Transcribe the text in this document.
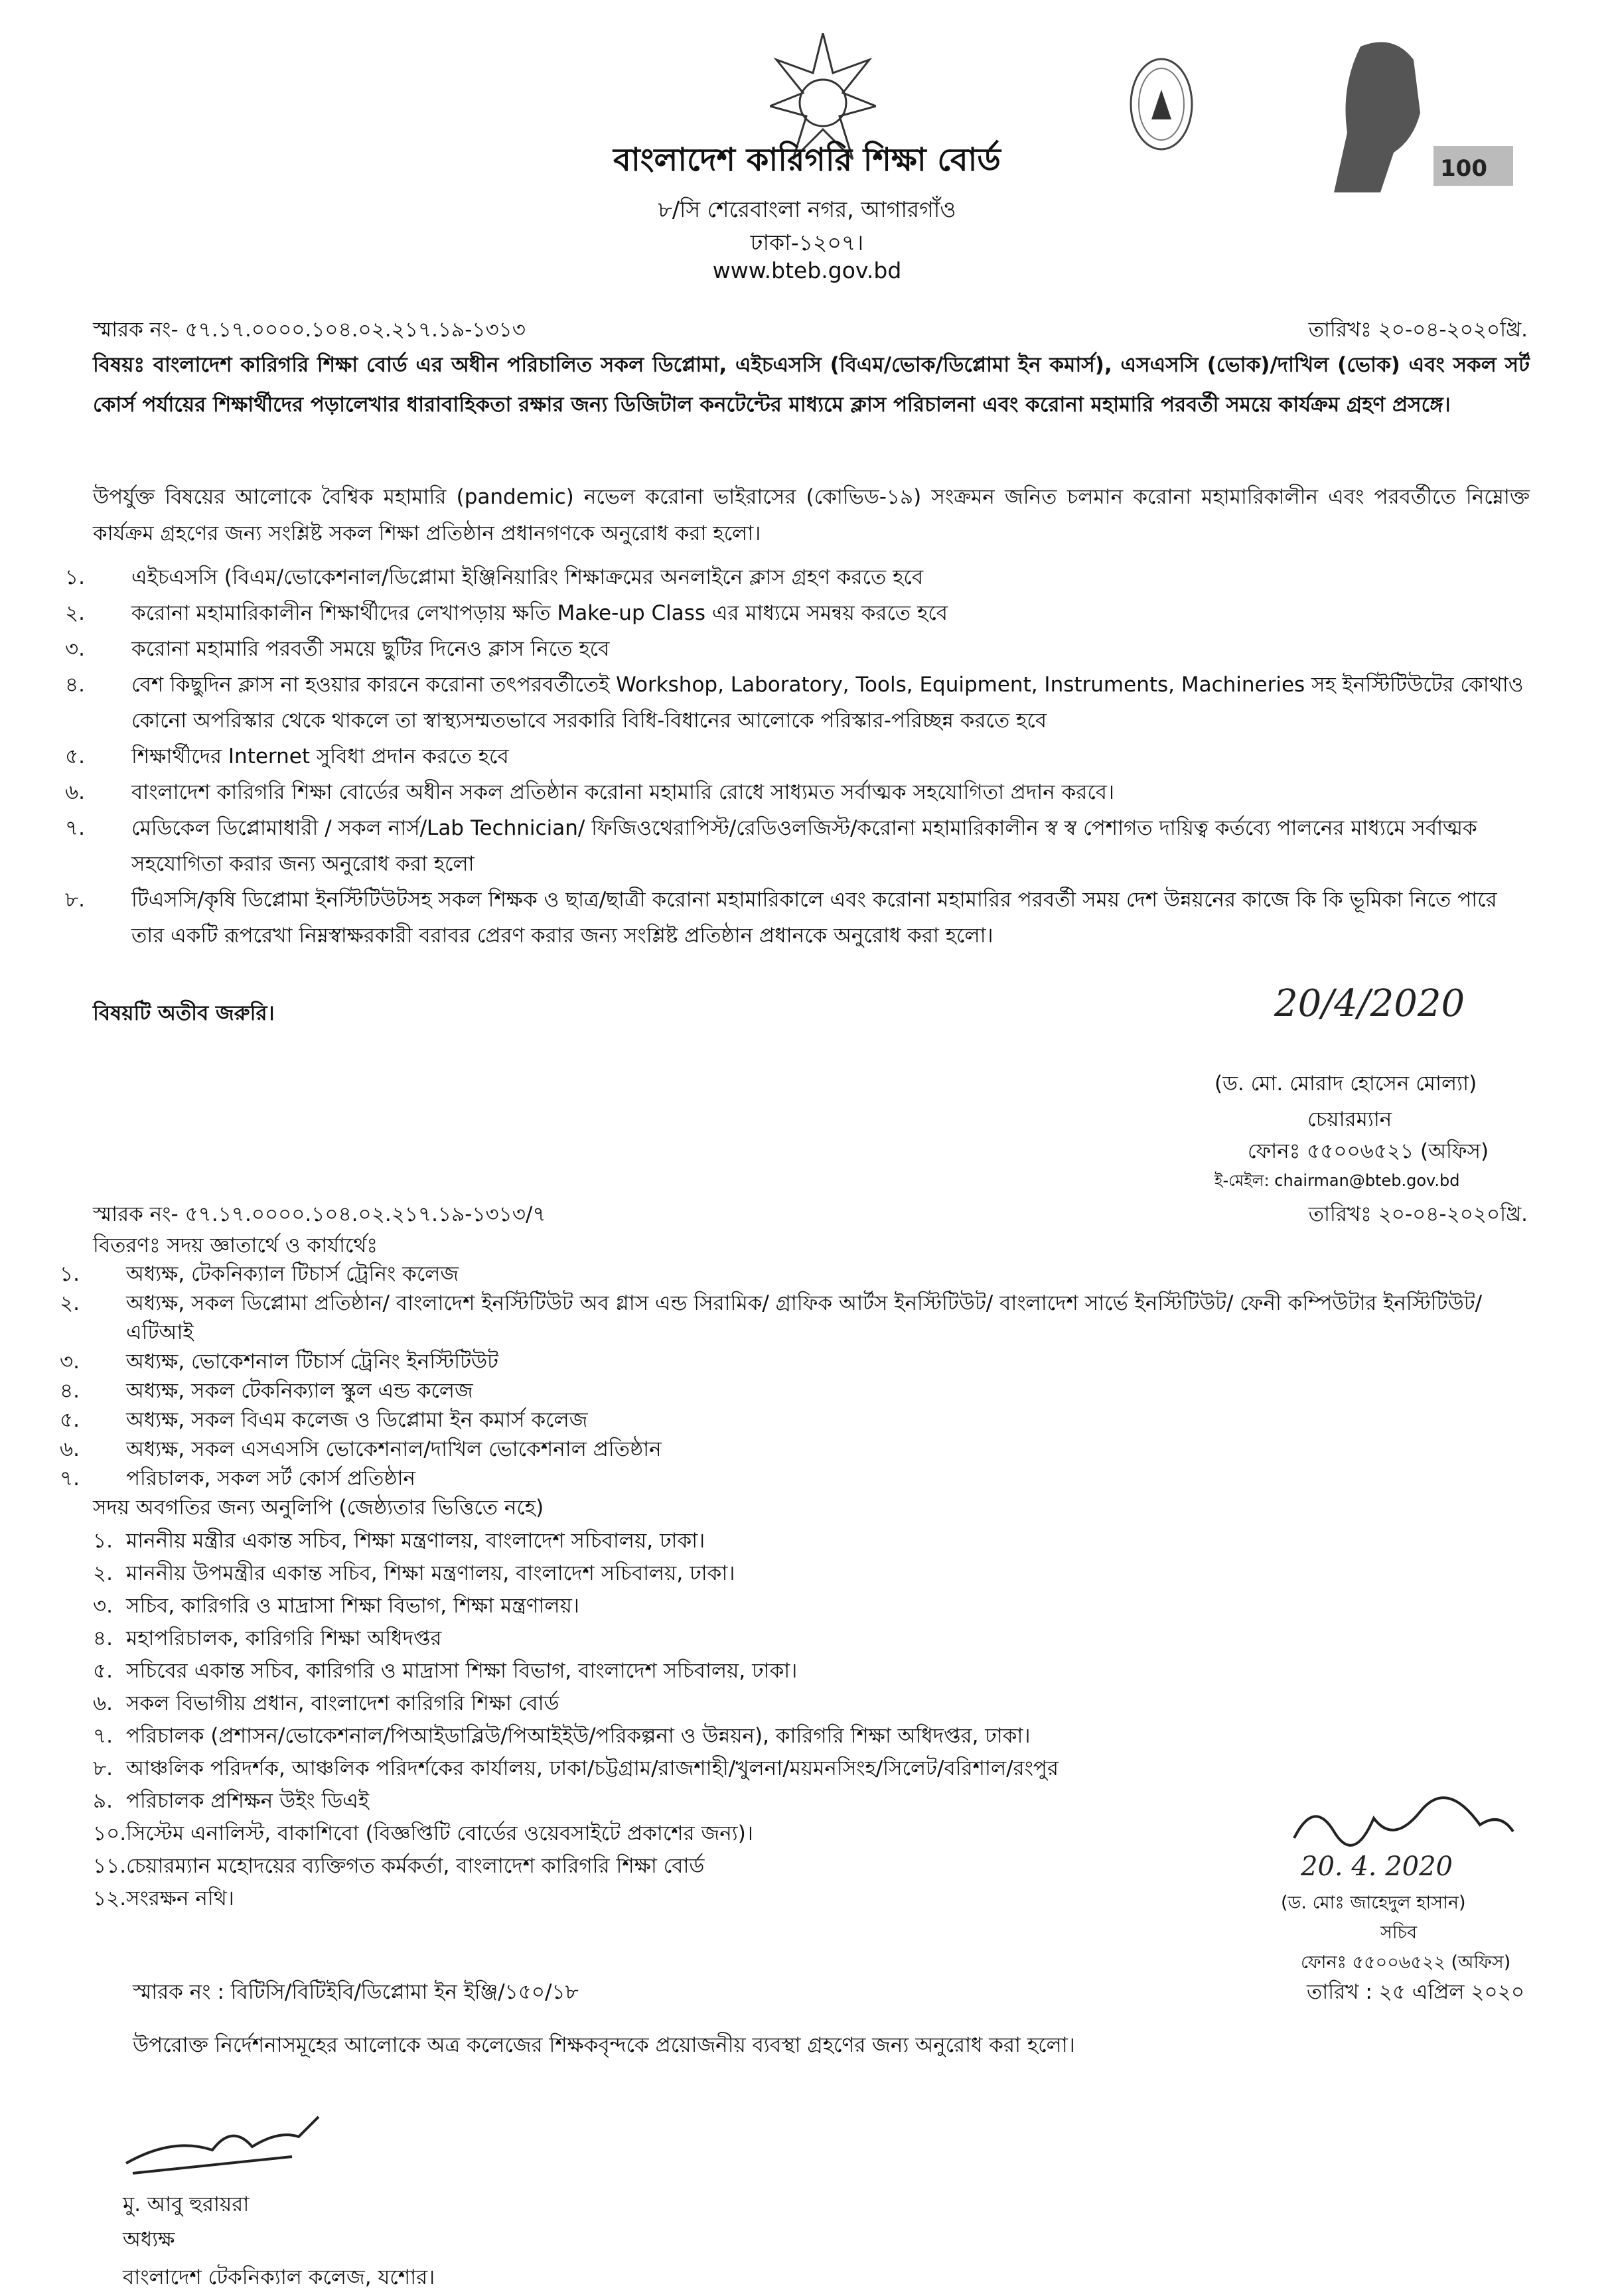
100
বাংলাদেশ কারিগরি শিক্ষা বোর্ড
৮/সি শেরেবাংলা নগর, আগারগাঁও
ঢাকা-১২০৭।
www.bteb.gov.bd
স্মারক নং- ৫৭.১৭.০০০০.১০৪.০২.২১৭.১৯-১৩১৩	তারিখঃ ২০-০৪-২০২০খ্রি.
বিষয়ঃ বাংলাদেশ কারিগরি শিক্ষা বোর্ড এর অধীন পরিচালিত সকল ডিপ্লোমা, এইচএসসি (বিএম/ভোক/ডিপ্লোমা ইন কমার্স), এসএসসি (ভোক)/দাখিল (ভোক) এবং সকল সর্ট কোর্স পর্যায়ের শিক্ষার্থীদের পড়ালেখার ধারাবাহিকতা রক্ষার জন্য ডিজিটাল কনটেন্টের মাধ্যমে ক্লাস পরিচালনা এবং করোনা মহামারি পরবর্তী সময়ে কার্যক্রম গ্রহণ প্রসঙ্গে।
উপর্যুক্ত বিষয়ের আলোকে বৈশ্বিক মহামারি (pandemic) নভেল করোনা ভাইরাসের (কোভিড-১৯) সংক্রমন জনিত চলমান করোনা মহামারিকালীন এবং পরবর্তীতে নিম্নোক্ত কার্যক্রম গ্রহণের জন্য সংশ্লিষ্ট সকল শিক্ষা প্রতিষ্ঠান প্রধানগণকে অনুরোধ করা হলো।
১. এইচএসসি (বিএম/ভোকেশনাল/ডিপ্লোমা ইঞ্জিনিয়ারিং শিক্ষাক্রমের অনলাইনে ক্লাস গ্রহণ করতে হবে
২. করোনা মহামারিকালীন শিক্ষার্থীদের লেখাপড়ায় ক্ষতি Make-up Class এর মাধ্যমে সমন্বয় করতে হবে
৩. করোনা মহামারি পরবর্তী সময়ে ছুটির দিনেও ক্লাস নিতে হবে
৪. বেশ কিছুদিন ক্লাস না হওয়ার কারনে করোনা তৎপরবর্তীতেই Workshop, Laboratory, Tools, Equipment, Instruments, Machineries সহ ইনস্টিটিউটের কোথাও কোনো অপরিস্কার থেকে থাকলে তা স্বাস্থ্যসম্মতভাবে সরকারি বিধি-বিধানের আলোকে পরিস্কার-পরিচ্ছন্ন করতে হবে
৫. শিক্ষার্থীদের Internet সুবিধা প্রদান করতে হবে
৬. বাংলাদেশ কারিগরি শিক্ষা বোর্ডের অধীন সকল প্রতিষ্ঠান করোনা মহামারি রোধে সাধ্যমত সর্বাত্মক সহযোগিতা প্রদান করবে।
৭. মেডিকেল ডিপ্লোমাধারী / সকল নার্স/Lab Technician/ ফিজিওথেরাপিস্ট/রেডিওলজিস্ট/করোনা মহামারিকালীন স্ব স্ব পেশাগত দায়িত্ব কর্তব্যে পালনের মাধ্যমে সর্বাত্মক সহযোগিতা করার জন্য অনুরোধ করা হলো
৮. টিএসসি/কৃষি ডিপ্লোমা ইনস্টিটিউটসহ সকল শিক্ষক ও ছাত্র/ছাত্রী করোনা মহামারিকালে এবং করোনা মহামারির পরবর্তী সময় দেশ উন্নয়নের কাজে কি কি ভূমিকা নিতে পারে তার একটি রূপরেখা নিম্নস্বাক্ষরকারী বরাবর প্রেরণ করার জন্য সংশ্লিষ্ট প্রতিষ্ঠান প্রধানকে অনুরোধ করা হলো।
বিষয়টি অতীব জরুরি।	20/4/2020
(ড. মো. মোরাদ হোসেন মোল্যা)
চেয়ারম্যান
ফোনঃ ৫৫০০৬৫২১ (অফিস)
ই-মেইল: chairman@bteb.gov.bd
স্মারক নং- ৫৭.১৭.০০০০.১০৪.০২.২১৭.১৯-১৩১৩/৭	তারিখঃ ২০-০৪-২০২০খ্রি.
বিতরণঃ সদয় জ্ঞাতার্থে ও কার্যার্থেঃ
১. অধ্যক্ষ, টেকনিক্যাল টিচার্স ট্রেনিং কলেজ
২. অধ্যক্ষ, সকল ডিপ্লোমা প্রতিষ্ঠান/ বাংলাদেশ ইনস্টিটিউট অব গ্লাস এন্ড সিরামিক/ গ্রাফিক আর্টস ইনস্টিটিউট/ বাংলাদেশ সার্ভে ইনস্টিটিউট/ ফেনী কম্পিউটার ইনস্টিটিউট/ এটিআই
৩. অধ্যক্ষ, ভোকেশনাল টিচার্স ট্রেনিং ইনস্টিটিউট
৪. অধ্যক্ষ, সকল টেকনিক্যাল স্কুল এন্ড কলেজ
৫. অধ্যক্ষ, সকল বিএম কলেজ ও ডিপ্লোমা ইন কমার্স কলেজ
৬. অধ্যক্ষ, সকল এসএসসি ভোকেশনাল/দাখিল ভোকেশনাল প্রতিষ্ঠান
৭. পরিচালক, সকল সর্ট কোর্স প্রতিষ্ঠান
সদয় অবগতির জন্য অনুলিপি (জেষ্ঠ্যতার ভিত্তিতে নহে)
১. মাননীয় মন্ত্রীর একান্ত সচিব, শিক্ষা মন্ত্রণালয়, বাংলাদেশ সচিবালয়, ঢাকা।
২. মাননীয় উপমন্ত্রীর একান্ত সচিব, শিক্ষা মন্ত্রণালয়, বাংলাদেশ সচিবালয়, ঢাকা।
৩. সচিব, কারিগরি ও মাদ্রাসা শিক্ষা বিভাগ, শিক্ষা মন্ত্রণালয়।
৪. মহাপরিচালক, কারিগরি শিক্ষা অধিদপ্তর
৫. সচিবের একান্ত সচিব, কারিগরি ও মাদ্রাসা শিক্ষা বিভাগ, বাংলাদেশ সচিবালয়, ঢাকা।
৬. সকল বিভাগীয় প্রধান, বাংলাদেশ কারিগরি শিক্ষা বোর্ড
৭. পরিচালক (প্রশাসন/ভোকেশনাল/পিআইডাব্লিউ/পিআইইউ/পরিকল্পনা ও উন্নয়ন), কারিগরি শিক্ষা অধিদপ্তর, ঢাকা।
৮. আঞ্চলিক পরিদর্শক, আঞ্চলিক পরিদর্শকের কার্যালয়, ঢাকা/চট্টগ্রাম/রাজশাহী/খুলনা/ময়মনসিংহ/সিলেট/বরিশাল/রংপুর
৯. পরিচালক প্রশিক্ষন উইং ডিএই
১০.সিস্টেম এনালিস্ট, বাকাশিবো (বিজ্ঞপ্তিটি বোর্ডের ওয়েবসাইটে প্রকাশের জন্য)।
১১.চেয়ারম্যান মহোদয়ের ব্যক্তিগত কর্মকর্তা, বাংলাদেশ কারিগরি শিক্ষা বোর্ড
১২.সংরক্ষন নথি।
20. 4. 2020
(ড. মোঃ জাহেদুল হাসান)
সচিব
ফোনঃ ৫৫০০৬৫২২ (অফিস)
স্মারক নং : বিটিসি/বিটিইবি/ডিপ্লোমা ইন ইঞ্জি/১৫০/১৮	তারিখ : ২৫ এপ্রিল ২০২০
উপরোক্ত নির্দেশনাসমূহের আলোকে অত্র কলেজের শিক্ষকবৃন্দকে প্রয়োজনীয় ব্যবস্থা গ্রহণের জন্য অনুরোধ করা হলো।
মু. আবু হুরায়রা
অধ্যক্ষ
বাংলাদেশ টেকনিক্যাল কলেজ, যশোর।
